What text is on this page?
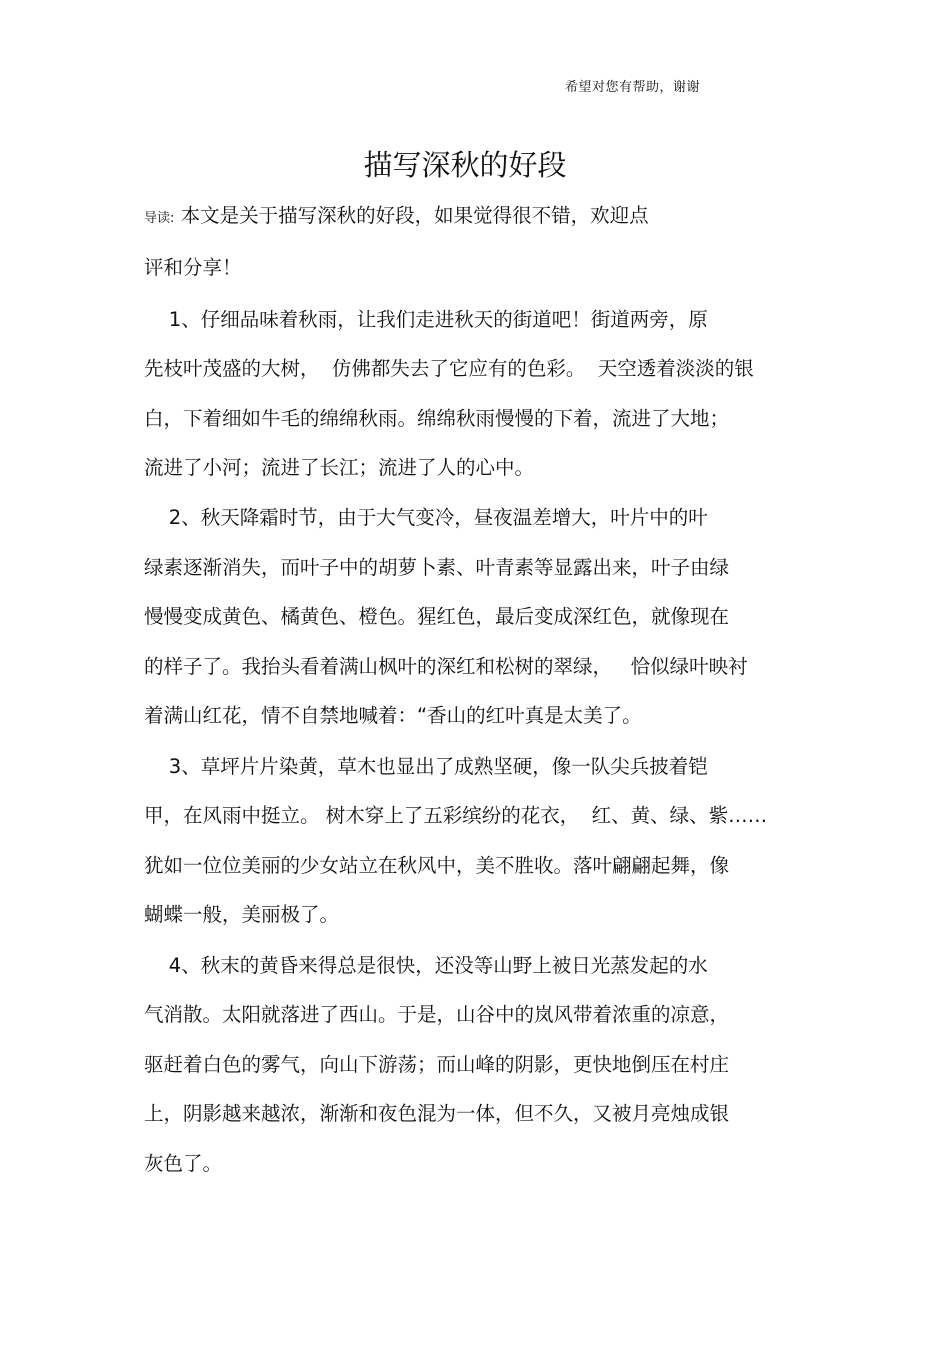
希望对您有帮助，谢谢
描写深秋的好段
导读: 本文是关于描写深秋的好段，如果觉得很不错，欢迎点
评和分享！
1、仔细品味着秋雨，让我们走进秋天的街道吧！街道两旁，原
先枝叶茂盛的大树，  仿佛都失去了它应有的色彩。  天空透着淡淡的银
白，下着细如牛毛的绵绵秋雨。绵绵秋雨慢慢的下着，流进了大地；
流进了小河；流进了长江；流进了人的心中。
2、秋天降霜时节，由于大气变冷，昼夜温差增大，叶片中的叶
绿素逐渐消失，而叶子中的胡萝卜素、叶青素等显露出来，叶子由绿
慢慢变成黄色、橘黄色、橙色。猩红色，最后变成深红色，就像现在
的样子了。我抬头看着满山枫叶的深红和松树的翠绿，   恰似绿叶映衬
着满山红花，情不自禁地喊着：“香山的红叶真是太美了。
3、草坪片片染黄，草木也显出了成熟坚硬，像一队尖兵披着铠
甲，在风雨中挺立。 树木穿上了五彩缤纷的花衣，  红、黄、绿、紫……
犹如一位位美丽的少女站立在秋风中，美不胜收。落叶翩翩起舞，像
蝴蝶一般，美丽极了。
4、秋末的黄昏来得总是很快，还没等山野上被日光蒸发起的水
气消散。太阳就落进了西山。于是，山谷中的岚风带着浓重的凉意，
驱赶着白色的雾气，向山下游荡；而山峰的阴影，更快地倒压在村庄
上，阴影越来越浓，渐渐和夜色混为一体，但不久，又被月亮烛成银
灰色了。
